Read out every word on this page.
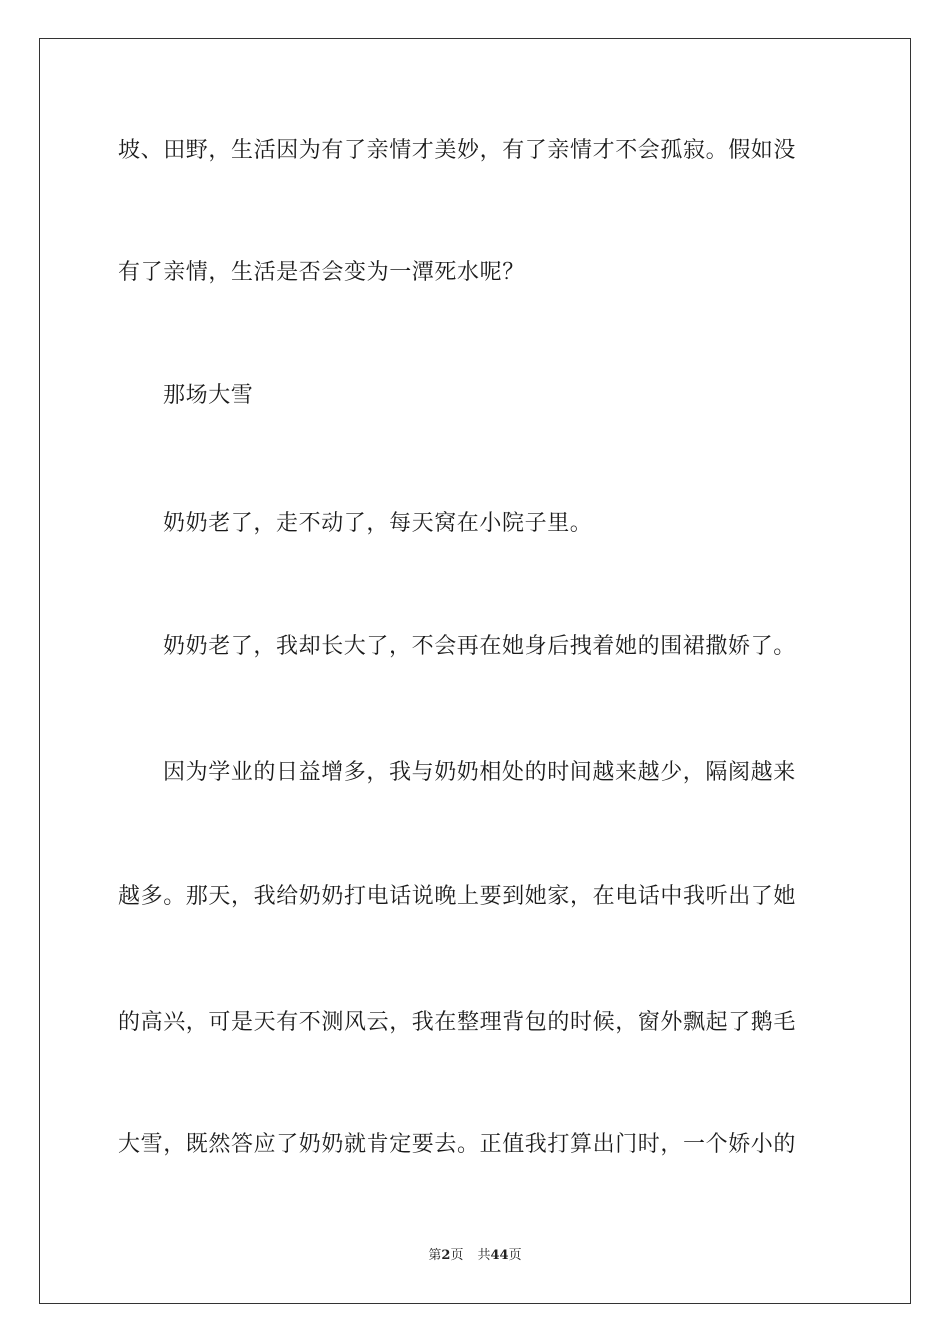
坡、田野，生活因为有了亲情才美妙，有了亲情才不会孤寂。假如没
有了亲情，生活是否会变为一潭死水呢？
那场大雪
奶奶老了，走不动了，每天窝在小院子里。
奶奶老了，我却长大了，不会再在她身后拽着她的围裙撒娇了。
因为学业的日益增多，我与奶奶相处的时间越来越少，隔阂越来
越多。那天，我给奶奶打电话说晚上要到她家，在电话中我听出了她
的高兴，可是天有不测风云，我在整理背包的时候，窗外飘起了鹅毛
大雪，既然答应了奶奶就肯定要去。正值我打算出门时，一个娇小的
第2页 共44页
